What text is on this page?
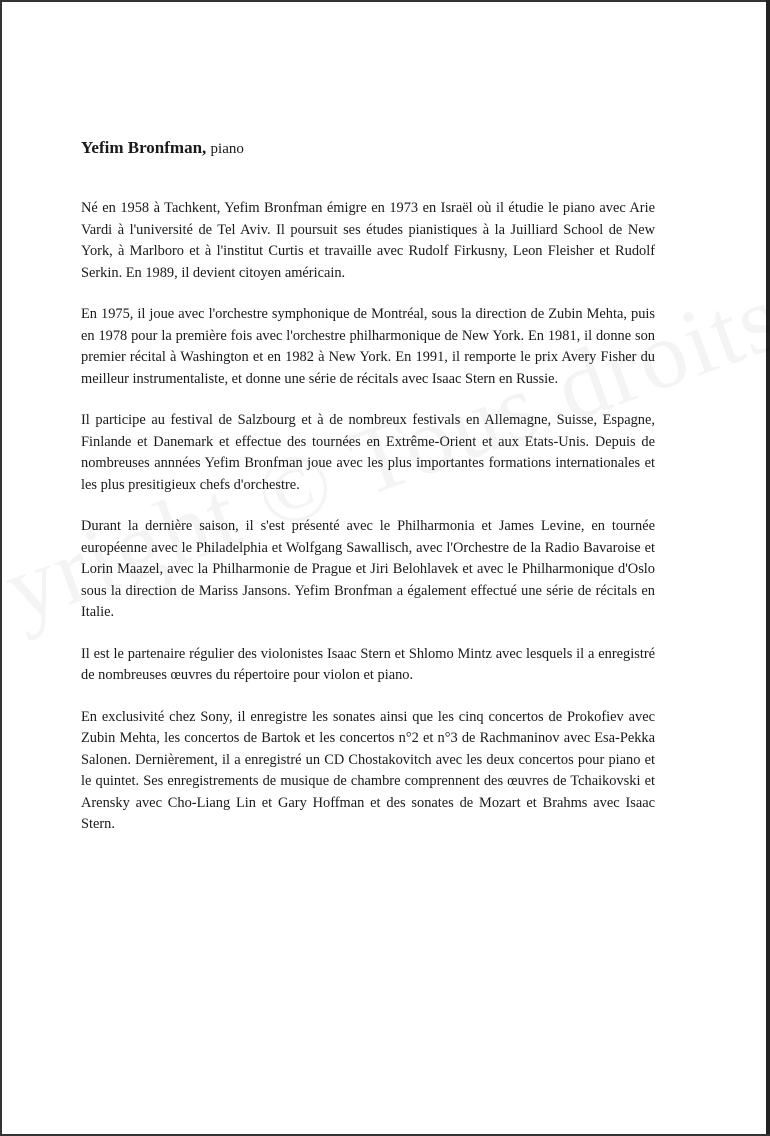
Yefim Bronfman, piano

Né en 1958 à Tachkent, Yefim Bronfman émigre en 1973 en Israël où il étudie le piano avec Arie Vardi à l'université de Tel Aviv. Il poursuit ses études pianistiques à la Juilliard School de New York, à Marlboro et à l'institut Curtis et travaille avec Rudolf Firkusny, Leon Fleisher et Rudolf Serkin. En 1989, il devient citoyen américain.

En 1975, il joue avec l'orchestre symphonique de Montréal, sous la direction de Zubin Mehta, puis en 1978 pour la première fois avec l'orchestre philharmonique de New York. En 1981, il donne son premier récital à Washington et en 1982 à New York. En 1991, il remporte le prix Avery Fisher du meilleur instrumentaliste, et donne une série de récitals avec Isaac Stern en Russie.

Il participe au festival de Salzbourg et à de nombreux festivals en Allemagne, Suisse, Espagne, Finlande et Danemark et effectue des tournées en Extrême-Orient et aux Etats-Unis. Depuis de nombreuses annnées Yefim Bronfman joue avec les plus importantes formations internationales et les plus presitigieux chefs d'orchestre.

Durant la dernière saison, il s'est présenté avec le Philharmonia et James Levine, en tournée européenne avec le Philadelphia et Wolfgang Sawallisch, avec l'Orchestre de la Radio Bavaroise et Lorin Maazel, avec la Philharmonie de Prague et Jiri Belohlavek et avec le Philharmonique d'Oslo sous la direction de Mariss Jansons. Yefim Bronfman a également effectué une série de récitals en Italie.

Il est le partenaire régulier des violonistes Isaac Stern et Shlomo Mintz avec lesquels il a enregistré de nombreuses œuvres du répertoire pour violon et piano.

En exclusivité chez Sony, il enregistre les sonates ainsi que les cinq concertos de Prokofiev avec Zubin Mehta, les concertos de Bartok et les concertos n°2 et n°3 de Rachmaninov avec Esa-Pekka Salonen. Dernièrement, il a enregistré un CD Chostakovitch avec les deux concertos pour piano et le quintet. Ses enregistrements de musique de chambre comprennent des œuvres de Tchaikovski et Arensky avec Cho-Liang Lin et Gary Hoffman et des sonates de Mozart et Brahms avec Isaac Stern.
